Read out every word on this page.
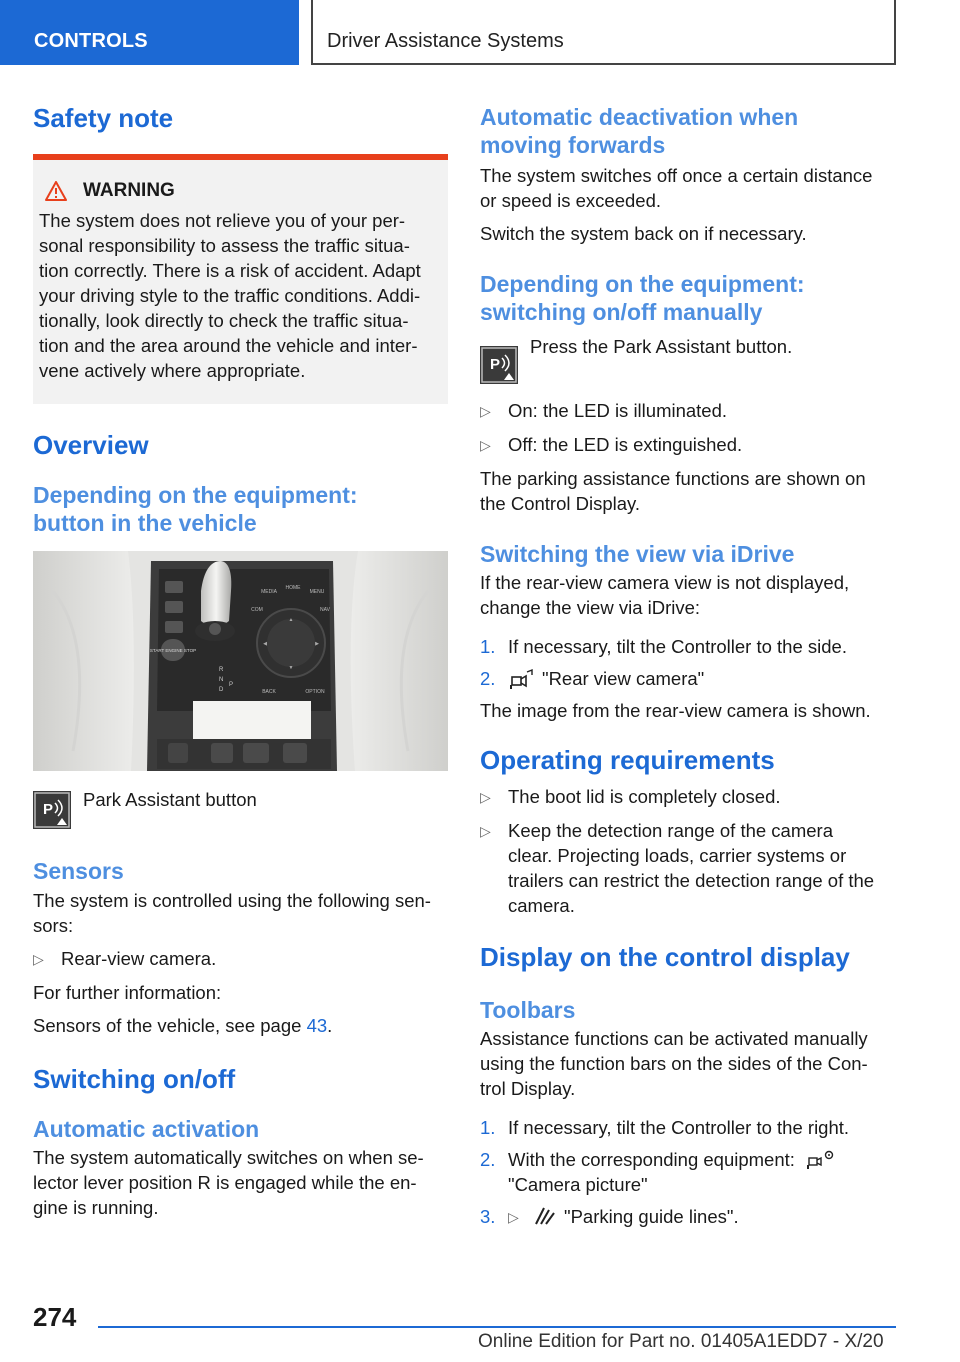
CONTROLS	Driver Assistance Systems
Safety note
WARNING

The system does not relieve you of your per-

sonal responsibility to assess the traffic situa-

tion correctly. There is a risk of accident. Adapt

your driving style to the traffic conditions. Addi-

tionally, look directly to check the traffic situa-

tion and the area around the vehicle and inter-

vene actively where appropriate.

Overview
Depending on the equipment:
button in the vehicle
START ENGINE STOP
▲
▼
◀	▶
MEDIA
HOME
MENU
COM	NAV
BACK	OPTION
R
N
D
P
P Park Assistant button

Sensors

The system is controlled using the following sen-

sors:

▷ Rear-view camera.

For further information:

Sensors of the vehicle, see page 43.

Switching on/off
Automatic activation

The system automatically switches on when se-

lector lever position R is engaged while the en-

gine is running.

Automatic deactivation when
moving forwards

The system switches off once a certain distance

or speed is exceeded.

Switch the system back on if necessary.

Depending on the equipment:
switching on/off manually
P

Press the Park Assistant button.

▷ On: the LED is illuminated.
▷ Off: the LED is extinguished.

The parking assistance functions are shown on

the Control Display.

Switching the view via iDrive

If the rear-view camera view is not displayed,

change the view via iDrive:

1. If necessary, tilt the Controller to the side.
2.	"Rear view camera"

The image from the rear-view camera is shown.

Operating requirements
▷ The boot lid is completely closed.
▷ Keep the detection range of the camera
clear. Projecting loads, carrier systems or
trailers can restrict the detection range of the
camera.
Display on the control display
Toolbars

Assistance functions can be activated manually

using the function bars on the sides of the Con-

trol Display.

1. If necessary, tilt the Controller to the right.
2. With the corresponding equipment:
"Camera picture"
3. ▷	"Parking guide lines".
274
Online Edition for Part no. 01405A1EDD7 - X/20
